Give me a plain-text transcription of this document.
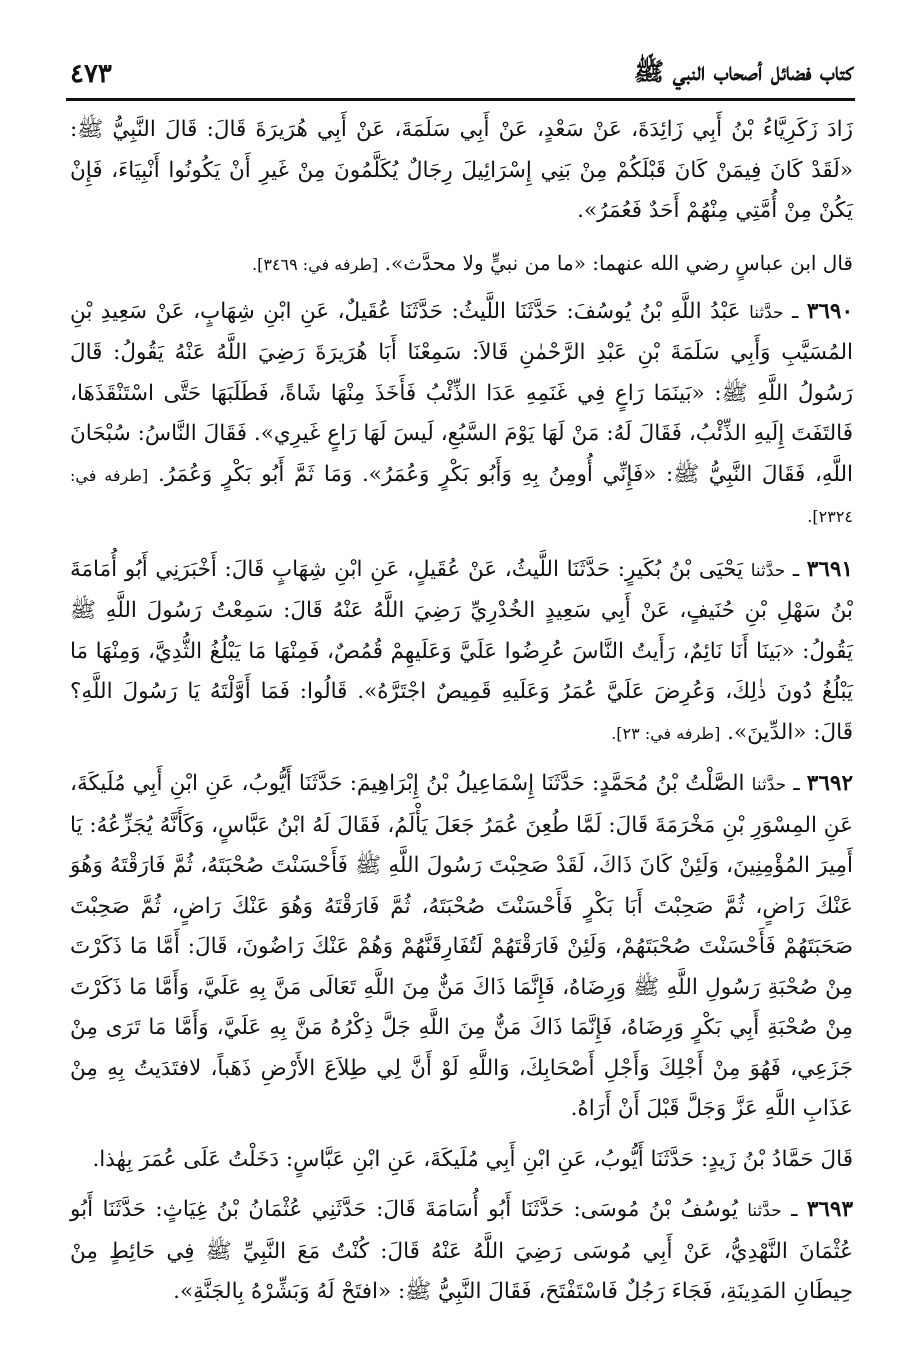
كتاب فضائل أصحاب النبي ﷺ
٤٧٣

زَادَ زَكَرِيَّاءُ بْنُ أَبِي زَائِدَةَ، عَنْ سَعْدٍ، عَنْ أَبِي سَلَمَةَ، عَنْ أَبِي هُرَيرَةَ قَالَ: قَالَ النَّبِيُّ ﷺ: «لَقَدْ كَانَ فِيمَنْ كَانَ قَبْلَكُمْ مِنْ بَنِي إِسْرَائِيلَ رِجَالٌ يُكَلَّمُونَ مِنْ غَيرِ أَنْ يَكُونُوا أَنْبِيَاءَ، فَإِنْ يَكُنْ مِنْ أُمَّتِي مِنْهُمْ أَحَدٌ فَعُمَرُ».

قال ابن عباسٍ رضي الله عنهما: «ما من نبيٍّ ولا محدَّث». [طرفه في: ٣٤٦٩].

٣٦٩٠ ـ حدَّثنا عَبْدُ اللَّهِ بْنُ يُوسُفَ: حَدَّثَنَا اللَّيثُ: حَدَّثَنَا عُقَيلٌ، عَنِ ابْنِ شِهَابٍ، عَنْ سَعِيدِ بْنِ المُسَيَّبِ وَأَبِي سَلَمَةَ بْنِ عَبْدِ الرَّحْمٰنِ قَالاَ: سَمِعْنَا أَبَا هُرَيرَةَ رَضِيَ اللَّهُ عَنْهُ يَقُولُ: قَالَ رَسُولُ اللَّهِ ﷺ: «بَينَمَا رَاعٍ فِي غَنَمِهِ عَدَا الذِّئْبُ فَأَخَذَ مِنْهَا شَاةً، فَطَلَبَهَا حَتَّى اسْتَنْقَذَهَا، فَالتَفَتَ إِلَيهِ الذِّئْبُ، فَقَالَ لَهُ: مَنْ لَهَا يَوْمَ السَّبُعِ، لَيسَ لَهَا رَاعٍ غَيرِي». فَقَالَ النَّاسُ: سُبْحَانَ اللَّهِ، فَقَالَ النَّبِيُّ ﷺ: «فَإِنِّي أُومِنُ بِهِ وَأَبُو بَكْرٍ وَعُمَرُ». وَمَا ثَمَّ أَبُو بَكْرٍ وَعُمَرُ. [طرفه في: ٢٣٢٤].

٣٦٩١ ـ حدَّثنا يَحْيَى بْنُ بُكَيرٍ: حَدَّثَنَا اللَّيثُ، عَنْ عُقَيلٍ، عَنِ ابْنِ شِهَابٍ قَالَ: أَخْبَرَنِي أَبُو أُمَامَةَ بْنُ سَهْلِ بْنِ حُنَيفٍ، عَنْ أَبِي سَعِيدٍ الخُدْرِيِّ رَضِيَ اللَّهُ عَنْهُ قَالَ: سَمِعْتُ رَسُولَ اللَّهِ ﷺ يَقُولُ: «بَينَا أَنَا نَائِمٌ، رَأَيتُ النَّاسَ عُرِضُوا عَلَيَّ وَعَلَيهِمْ قُمُصٌ، فَمِنْهَا مَا يَبْلُغُ الثُّدِيَّ، وَمِنْهَا مَا يَبْلُغُ دُونَ ذٰلِكَ، وَعُرِضَ عَلَيَّ عُمَرُ وَعَلَيهِ قَمِيصٌ اجْتَرَّهُ». قَالُوا: فَمَا أَوَّلْتَهُ يَا رَسُولَ اللَّهِ؟ قَالَ: «الدِّينَ». [طرفه في: ٢٣].

٣٦٩٢ ـ حدَّثنا الصَّلْتُ بْنُ مُحَمَّدٍ: حَدَّثَنَا إِسْمَاعِيلُ بْنُ إِبْرَاهِيمَ: حَدَّثَنَا أَيُّوبُ، عَنِ ابْنِ أَبِي مُلَيكَةَ، عَنِ المِسْوَرِ بْنِ مَخْرَمَةَ قَالَ: لَمَّا طُعِنَ عُمَرُ جَعَلَ يَأْلَمُ، فَقَالَ لَهُ ابْنُ عَبَّاسٍ، وَكَأَنَّهُ يُجَزِّعُهُ: يَا أَمِيرَ المُؤْمِنِينَ، وَلَئِنْ كَانَ ذَاكَ، لَقَدْ صَحِبْتَ رَسُولَ اللَّهِ ﷺ فَأَحْسَنْتَ صُحْبَتَهُ، ثُمَّ فَارَقْتَهُ وَهُوَ عَنْكَ رَاضٍ، ثُمَّ صَحِبْتَ أَبَا بَكْرٍ فَأَحْسَنْتَ صُحْبَتَهُ، ثُمَّ فَارَقْتَهُ وَهُوَ عَنْكَ رَاضٍ، ثُمَّ صَحِبْتَ صَحَبَتَهُمْ فَأَحْسَنْتَ صُحْبَتَهُمْ، وَلَئِنْ فَارَقْتَهُمْ لَتُفَارِقَنَّهُمْ وَهُمْ عَنْكَ رَاضُونَ، قَالَ: أَمَّا مَا ذَكَرْتَ مِنْ صُحْبَةِ رَسُولِ اللَّهِ ﷺ وَرِضَاهُ، فَإِنَّمَا ذَاكَ مَنٌّ مِنَ اللَّهِ تَعَالَى مَنَّ بِهِ عَلَيَّ، وَأَمَّا مَا ذَكَرْتَ مِنْ صُحْبَةِ أَبِي بَكْرٍ وَرِضَاهُ، فَإِنَّمَا ذَاكَ مَنٌّ مِنَ اللَّهِ جَلَّ ذِكْرُهُ مَنَّ بِهِ عَلَيَّ، وَأَمَّا مَا تَرَى مِنْ جَزَعِي، فَهُوَ مِنْ أَجْلِكَ وَأَجْلِ أَصْحَابِكَ، وَاللَّهِ لَوْ أَنَّ لِي طِلاَعَ الأَرْضِ ذَهَباً، لافتَدَيتُ بِهِ مِنْ عَذَابِ اللَّهِ عَزَّ وَجَلَّ قَبْلَ أَنْ أَرَاهُ.

قَالَ حَمَّادُ بْنُ زَيدٍ: حَدَّثَنَا أَيُّوبُ، عَنِ ابْنِ أَبِي مُلَيكَةَ، عَنِ ابْنِ عَبَّاسٍ: دَخَلْتُ عَلَى عُمَرَ بِهٰذا.

٣٦٩٣ ـ حدَّثنا يُوسُفُ بْنُ مُوسَى: حَدَّثَنَا أَبُو أُسَامَةَ قَالَ: حَدَّثَنِي عُثْمَانُ بْنُ غِيَاثٍ: حَدَّثَنَا أَبُو عُثْمَانَ النَّهْدِيُّ، عَنْ أَبِي مُوسَى رَضِيَ اللَّهُ عَنْهُ قَالَ: كُنْتُ مَعَ النَّبِيِّ ﷺ فِي حَائِطٍ مِنْ حِيطَانِ المَدِينَةِ، فَجَاءَ رَجُلٌ فَاسْتَفْتَحَ، فَقَالَ النَّبِيُّ ﷺ: «افتَحْ لَهُ وَبَشِّرْهُ بِالجَنَّةِ».
